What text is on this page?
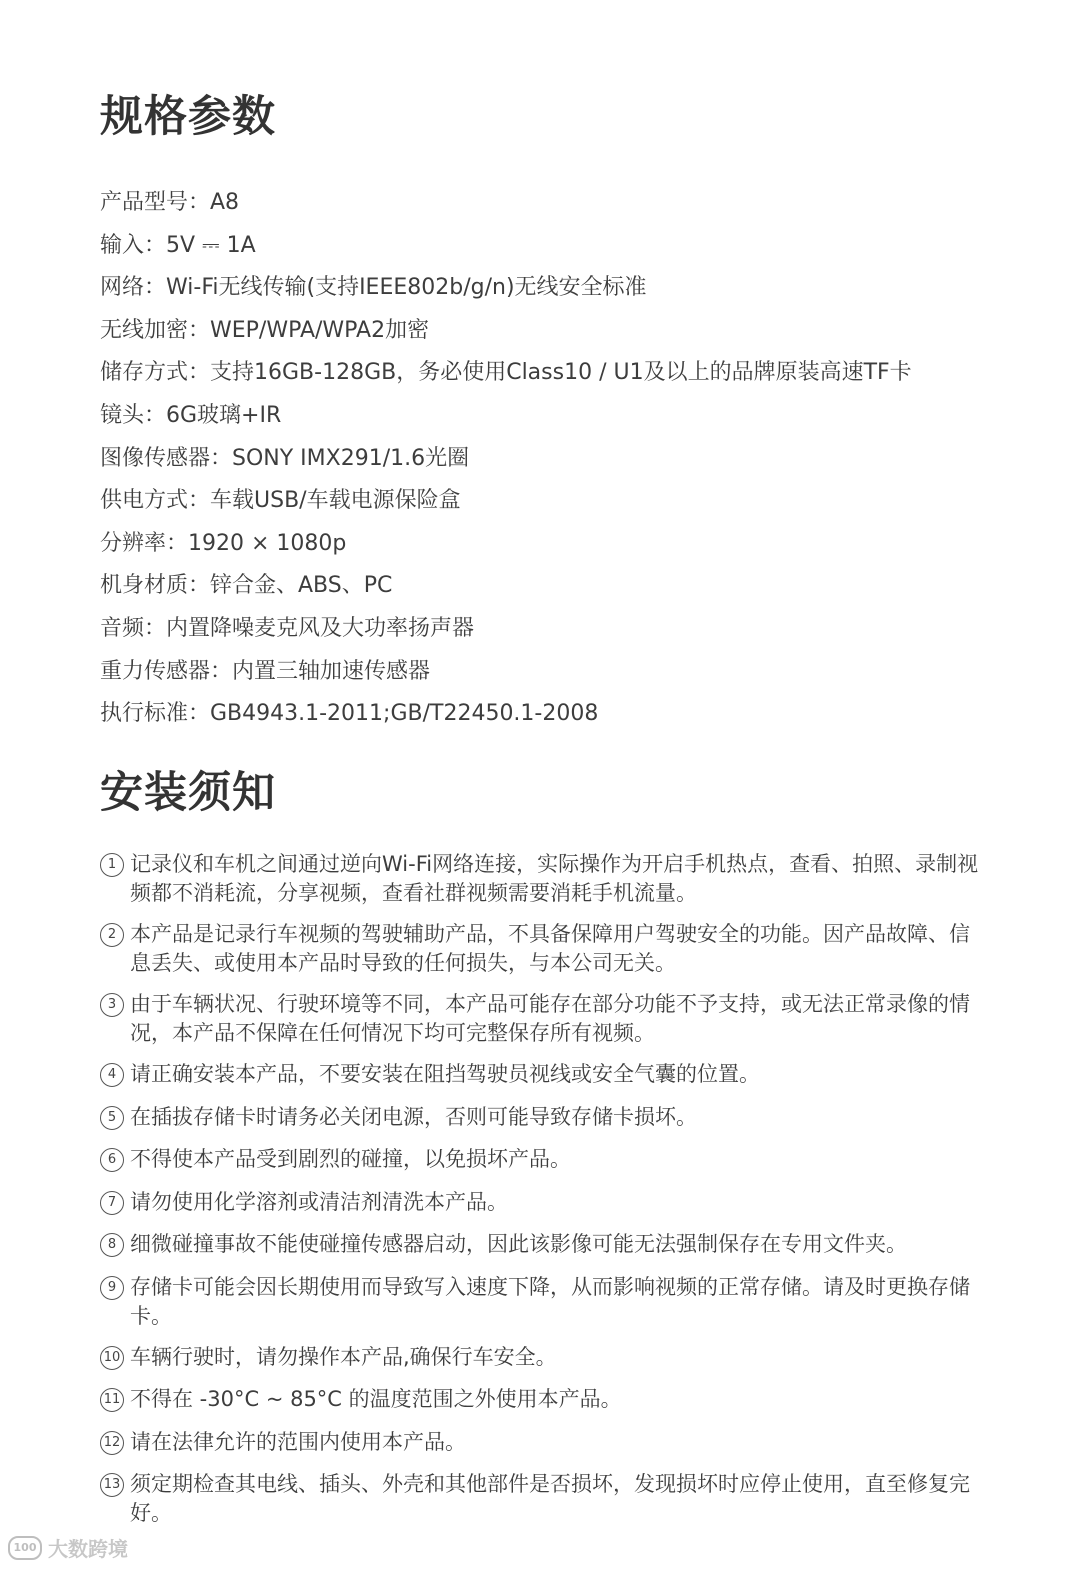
规格参数
产品型号：A8
输入：5V ⎓ 1A
网络：Wi-Fi无线传输(支持IEEE802b/g/n)无线安全标准
无线加密：WEP/WPA/WPA2加密
储存方式：支持16GB-128GB，务必使用Class10 / U1及以上的品牌原装高速TF卡
镜头：6G玻璃+IR
图像传感器：SONY IMX291/1.6光圈
供电方式：车载USB/车载电源保险盒
分辨率：1920 × 1080p
机身材质：锌合金、ABS、PC
音频：内置降噪麦克风及大功率扬声器
重力传感器：内置三轴加速传感器
执行标准：GB4943.1-2011;GB/T22450.1-2008
安装须知
1 记录仪和车机之间通过逆向Wi-Fi网络连接，实际操作为开启手机热点，查看、拍照、录制视频都不消耗流，分享视频，查看社群视频需要消耗手机流量。
2 本产品是记录行车视频的驾驶辅助产品，不具备保障用户驾驶安全的功能。因产品故障、信息丢失、或使用本产品时导致的任何损失，与本公司无关。
3 由于车辆状况、行驶环境等不同，本产品可能存在部分功能不予支持，或无法正常录像的情况，本产品不保障在任何情况下均可完整保存所有视频。
4 请正确安装本产品，不要安装在阻挡驾驶员视线或安全气囊的位置。
5 在插拔存储卡时请务必关闭电源，否则可能导致存储卡损坏。
6 不得使本产品受到剧烈的碰撞，以免损坏产品。
7 请勿使用化学溶剂或清洁剂清洗本产品。
8 细微碰撞事故不能使碰撞传感器启动，因此该影像可能无法强制保存在专用文件夹。
9 存储卡可能会因长期使用而导致写入速度下降，从而影响视频的正常存储。请及时更换存储卡。
10 车辆行驶时，请勿操作本产品,确保行车安全。
11 不得在 -30°C ~ 85°C 的温度范围之外使用本产品。
12 请在法律允许的范围内使用本产品。
13 须定期检查其电线、插头、外壳和其他部件是否损坏，发现损坏时应停止使用，直至修复完好。
100 大数跨境
